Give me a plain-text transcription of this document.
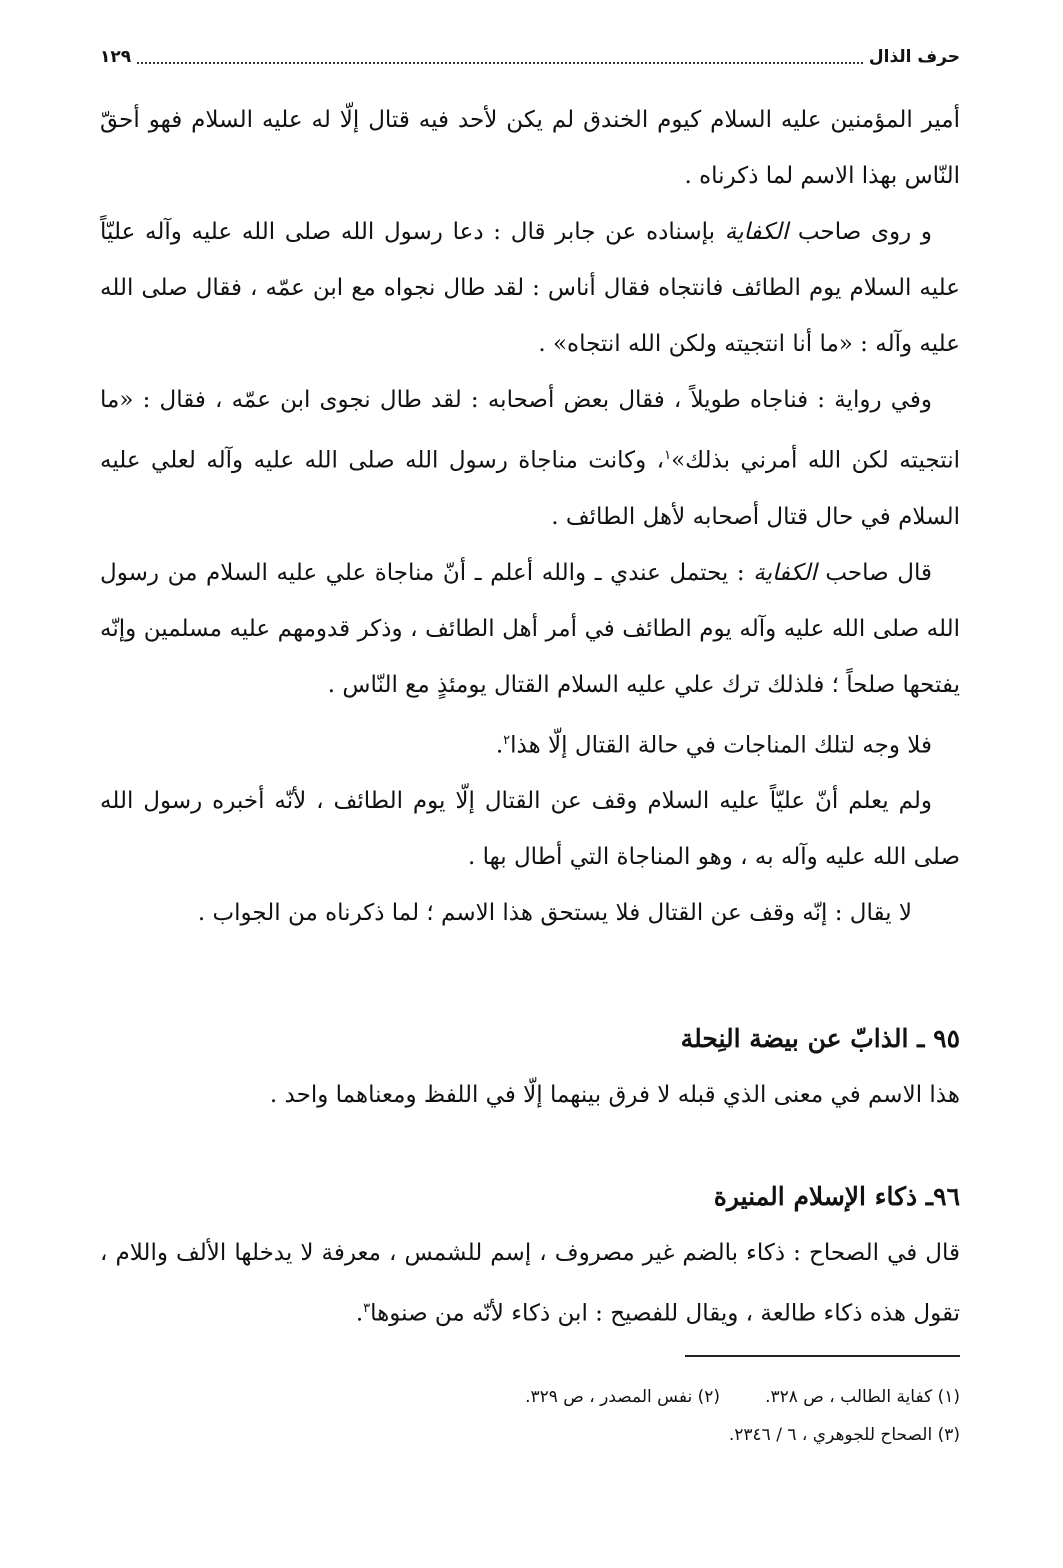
حرف الذال
١٢٩

أمير المؤمنين عليه السلام كيوم الخندق لم يكن لأحد فيه قتال إلّا له عليه السلام فهو أحقّ النّاس بهذا الاسم لما ذكرناه .

و روى صاحب الكفاية بإسناده عن جابر قال : دعا رسول الله صلى الله عليه وآله عليّاً عليه السلام يوم الطائف فانتجاه فقال أناس : لقد طال نجواه مع ابن عمّه ، فقال صلى الله عليه وآله : «ما أنا انتجيته ولكن الله انتجاه» .

وفي رواية : فناجاه طويلاً ، فقال بعض أصحابه : لقد طال نجوى ابن عمّه ، فقال : «ما انتجيته لكن الله أمرني بذلك»$^١$، وكانت مناجاة رسول الله صلى الله عليه وآله لعلي عليه السلام في حال قتال أصحابه لأهل الطائف .

قال صاحب الكفاية : يحتمل عندي ـ والله أعلم ـ أنّ مناجاة علي عليه السلام من رسول الله صلى الله عليه وآله يوم الطائف في أمر أهل الطائف ، وذكر قدومهم عليه مسلمين وإنّه يفتحها صلحاً ؛ فلذلك ترك علي عليه السلام القتال يومئذٍ مع النّاس .

فلا وجه لتلك المناجات في حالة القتال إلّا هذا$^٢$.

ولم يعلم أنّ عليّاً عليه السلام وقف عن القتال إلّا يوم الطائف ، لأنّه أخبره رسول الله صلى الله عليه وآله به ، وهو المناجاة التي أطال بها .

لا يقال : إنّه وقف عن القتال فلا يستحق هذا الاسم ؛ لما ذكرناه من الجواب .

٩٥ ـ الذابّ عن بيضة النِحلة

هذا الاسم في معنى الذي قبله لا فرق بينهما إلّا في اللفظ ومعناهما واحد .

٩٦ـ ذكاء الإسلام المنيرة

قال في الصحاح : ذكاء بالضم غير مصروف ، إسم للشمس ، معرفة لا يدخلها الألف واللام ، تقول هذه ذكاء طالعة ، ويقال للفصيح : ابن ذكاء لأنّه من صنوها$^٣$.

(١) كفاية الطالب ، ص ٣٢٨.
(٢) نفس المصدر ، ص ٣٢٩.
(٣) الصحاح للجوهري ، ٦ / ٢٣٤٦.
